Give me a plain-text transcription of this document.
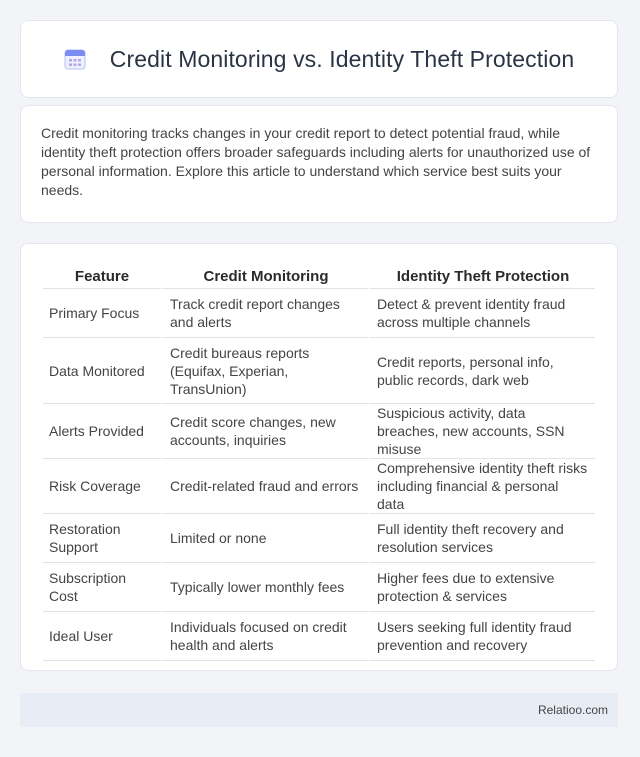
Credit Monitoring vs. Identity Theft Protection

Credit monitoring tracks changes in your credit report to detect potential fraud, while identity theft protection offers broader safeguards including alerts for unauthorized use of personal information. Explore this article to understand which service best suits your needs.

Feature	Credit Monitoring	Identity Theft Protection
Primary Focus	Track credit report changes and alerts	Detect & prevent identity fraud across multiple channels
Data Monitored	Credit bureaus reports (Equifax, Experian, TransUnion)	Credit reports, personal info, public records, dark web
Alerts Provided	Credit score changes, new accounts, inquiries	Suspicious activity, data breaches, new accounts, SSN misuse
Risk Coverage	Credit-related fraud and errors	Comprehensive identity theft risks including financial & personal data
Restoration Support	Limited or none	Full identity theft recovery and resolution services
Subscription Cost	Typically lower monthly fees	Higher fees due to extensive protection & services
Ideal User	Individuals focused on credit health and alerts	Users seeking full identity fraud prevention and recovery
Relatioo.com
